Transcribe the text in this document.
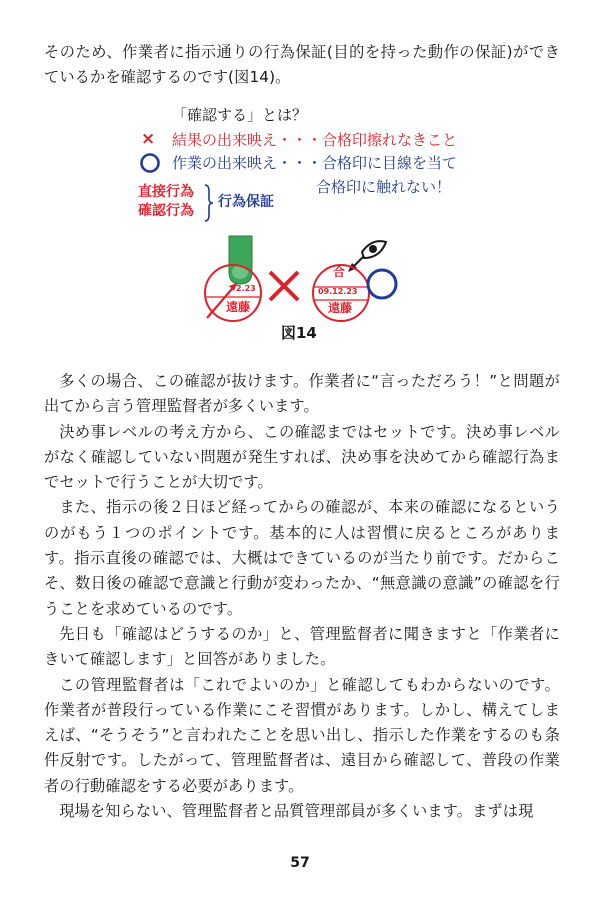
そのため、作業者に指示通りの行為保証(目的を持った動作の保証)ができているかを確認するのです(図14)。

「確認する」とは？
× 結果の出来映え・・・合格印擦れなきこと
作業の出来映え・・・合格印に目線を当て
合格印に触れない！
直接行為
確認行為
行為保証
2.23
遠藤
合
09.12.23
遠藤
図14

多くの場合、この確認が抜けます。作業者に“言っただろう！”と問題が出てから言う管理監督者が多くいます。

決め事レベルの考え方から、この確認まではセットです。決め事レベルがなく確認していない問題が発生すれば、決め事を決めてから確認行為までセットで行うことが大切です。

また、指示の後２日ほど経ってからの確認が、本来の確認になるというのがもう１つのポイントです。基本的に人は習慣に戻るところがあります。指示直後の確認では、大概はできているのが当たり前です。だからこそ、数日後の確認で意識と行動が変わったか、“無意識の意識”の確認を行うことを求めているのです。

先日も「確認はどうするのか」と、管理監督者に聞きますと「作業者にきいて確認します」と回答がありました。

この管理監督者は「これでよいのか」と確認してもわからないのです。作業者が普段行っている作業にこそ習慣があります。しかし、構えてしまえば、“そうそう”と言われたことを思い出し、指示した作業をするのも条件反射です。したがって、管理監督者は、遠目から確認して、普段の作業者の行動確認をする必要があります。

現場を知らない、管理監督者と品質管理部員が多くいます。まずは現

57
